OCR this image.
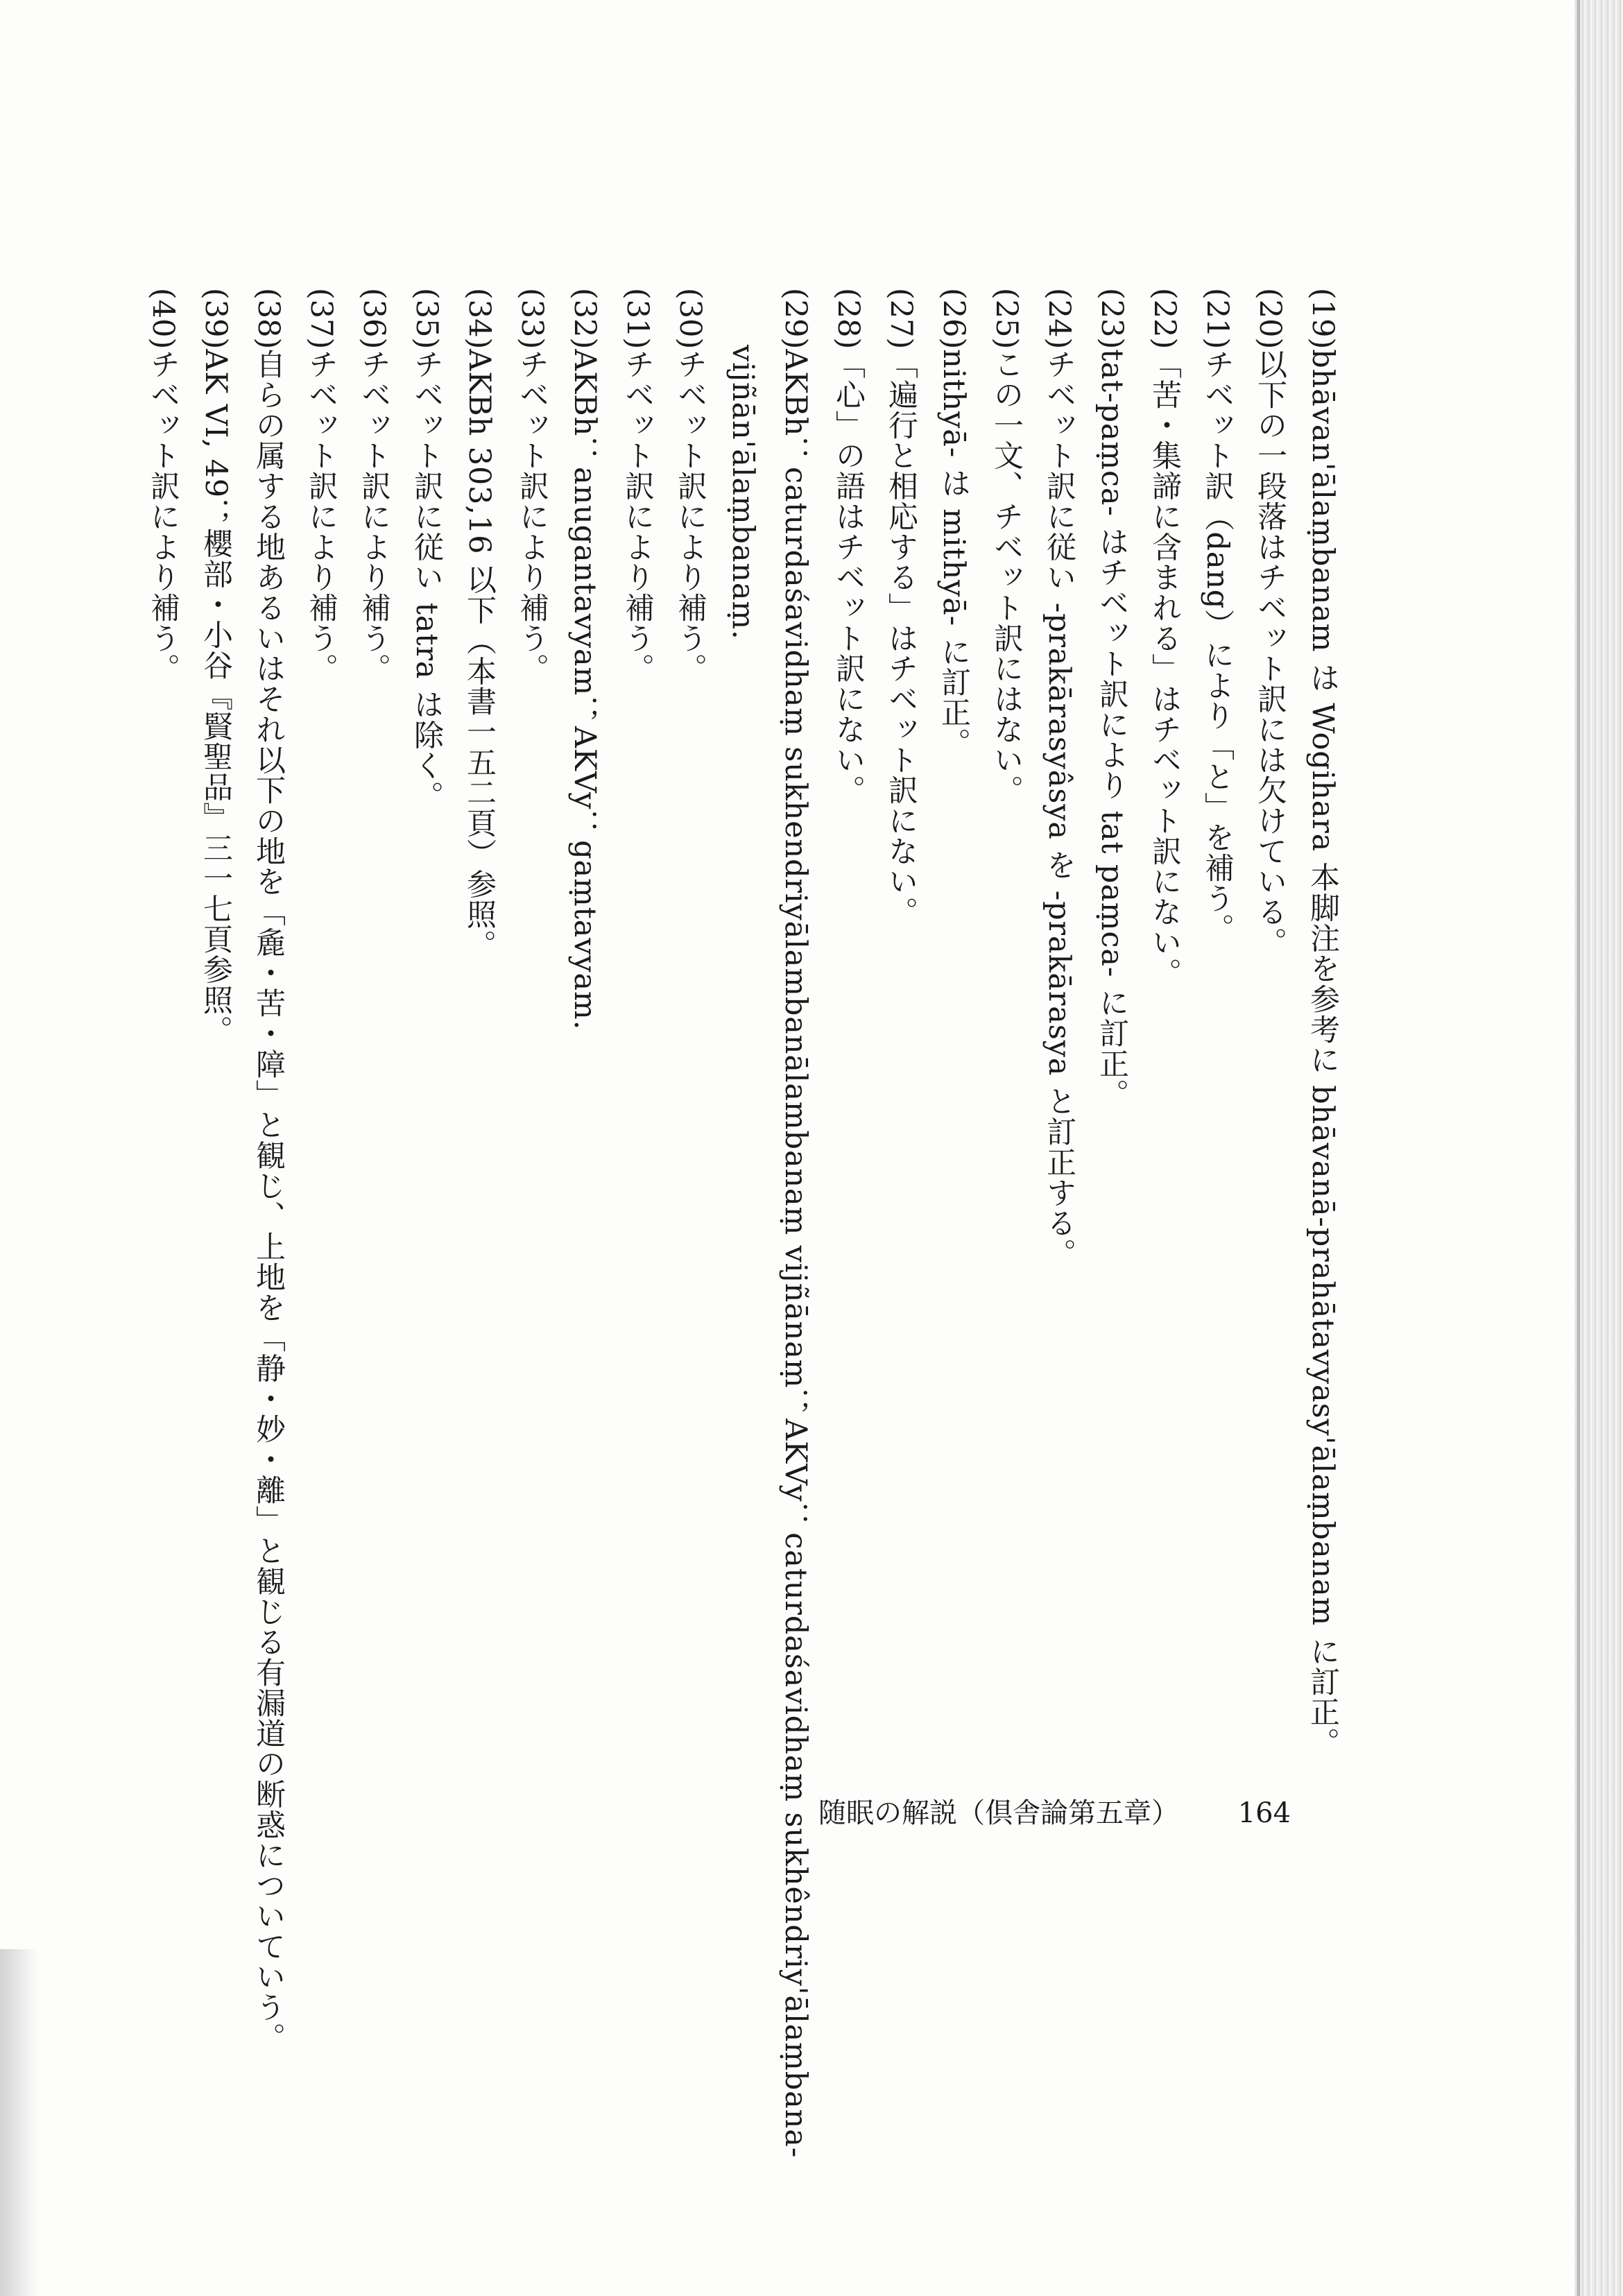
(19)bhāvan'ālaṃbanam は Wogihara 本脚注を参考に bhāvanā-prahātavyasy'ālaṃbanam に訂正。
(20)以下の一段落はチベット訳には欠けている。
(21)チベット訳（dang）により「と」を補う。
(22)「苦・集諦に含まれる」はチベット訳にない。
(23)tat-paṃca- はチベット訳により tat paṃca- に訂正。
(24)チベット訳に従い -prakārasyâsya を -prakārasya と訂正する。
(25)この一文、チベット訳にはない。
(26)nithyā- は mithyā- に訂正。
(27)「遍行と相応する」はチベット訳にない。
(28)「心」の語はチベット訳にない。
(29)AKBh：caturdaśavidhaṃ sukhendriyālambanālambanaṃ vijñānaṃ；AKVy：caturdaśavidhaṃ sukhêndriy'ālaṃbana-vijñān'ālaṃbanaṃ.
(30)チベット訳により補う。
(31)チベット訳により補う。
(32)AKBh：anugantavyam；AKVy：gaṃtavyam.
(33)チベット訳により補う。
(34)AKBh 303,16 以下（本書一五二頁）参照。
(35)チベット訳に従い tatra は除く。
(36)チベット訳により補う。
(37)チベット訳により補う。
(38)自らの属する地あるいはそれ以下の地を「麁・苦・障」と観じ、上地を「静・妙・離」と観じる有漏道の断惑についていう。
(39)AK VI, 49；櫻部・小谷『賢聖品』三一七頁参照。
(40)チベット訳により補う。
随眠の解説（倶舎論第五章） 164
